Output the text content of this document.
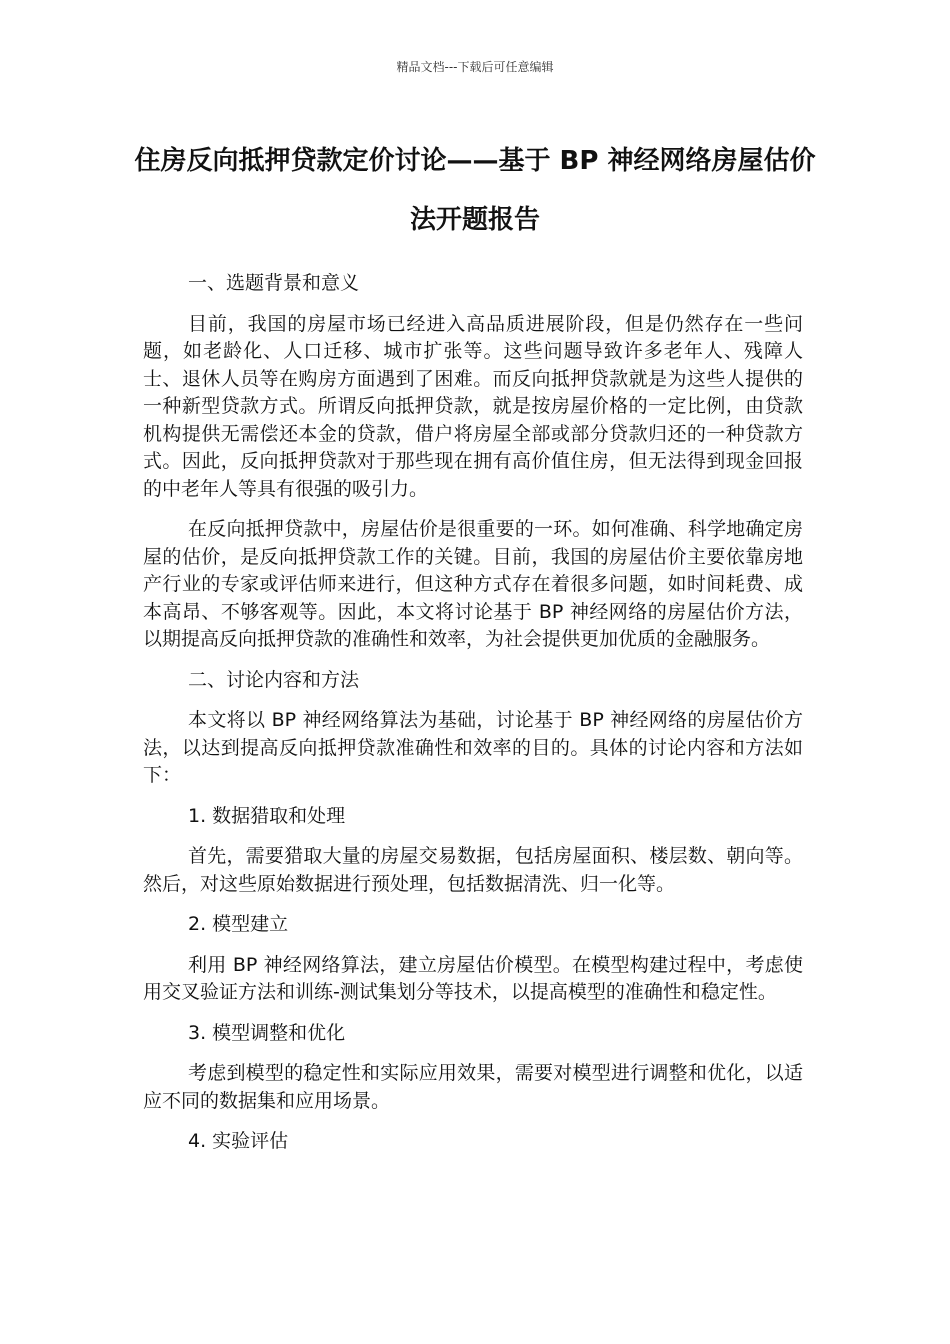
精品文档---下载后可任意编辑
住房反向抵押贷款定价讨论——基于 BP 神经网络房屋估价法开题报告

一、选题背景和意义

目前，我国的房屋市场已经进入高品质进展阶段，但是仍然存在一些问题，如老龄化、人口迁移、城市扩张等。这些问题导致许多老年人、残障人士、退休人员等在购房方面遇到了困难。而反向抵押贷款就是为这些人提供的一种新型贷款方式。所谓反向抵押贷款，就是按房屋价格的一定比例，由贷款机构提供无需偿还本金的贷款，借户将房屋全部或部分贷款归还的一种贷款方式。因此，反向抵押贷款对于那些现在拥有高价值住房，但无法得到现金回报的中老年人等具有很强的吸引力。

在反向抵押贷款中，房屋估价是很重要的一环。如何准确、科学地确定房屋的估价，是反向抵押贷款工作的关键。目前，我国的房屋估价主要依靠房地产行业的专家或评估师来进行，但这种方式存在着很多问题，如时间耗费、成本高昂、不够客观等。因此，本文将讨论基于 BP 神经网络的房屋估价方法，以期提高反向抵押贷款的准确性和效率，为社会提供更加优质的金融服务。

二、讨论内容和方法

本文将以 BP 神经网络算法为基础，讨论基于 BP 神经网络的房屋估价方法，以达到提高反向抵押贷款准确性和效率的目的。具体的讨论内容和方法如下：

1. 数据猎取和处理

首先，需要猎取大量的房屋交易数据，包括房屋面积、楼层数、朝向等。然后，对这些原始数据进行预处理，包括数据清洗、归一化等。

2. 模型建立

利用 BP 神经网络算法，建立房屋估价模型。在模型构建过程中，考虑使用交叉验证方法和训练-测试集划分等技术，以提高模型的准确性和稳定性。

3. 模型调整和优化

考虑到模型的稳定性和实际应用效果，需要对模型进行调整和优化，以适应不同的数据集和应用场景。

4. 实验评估
